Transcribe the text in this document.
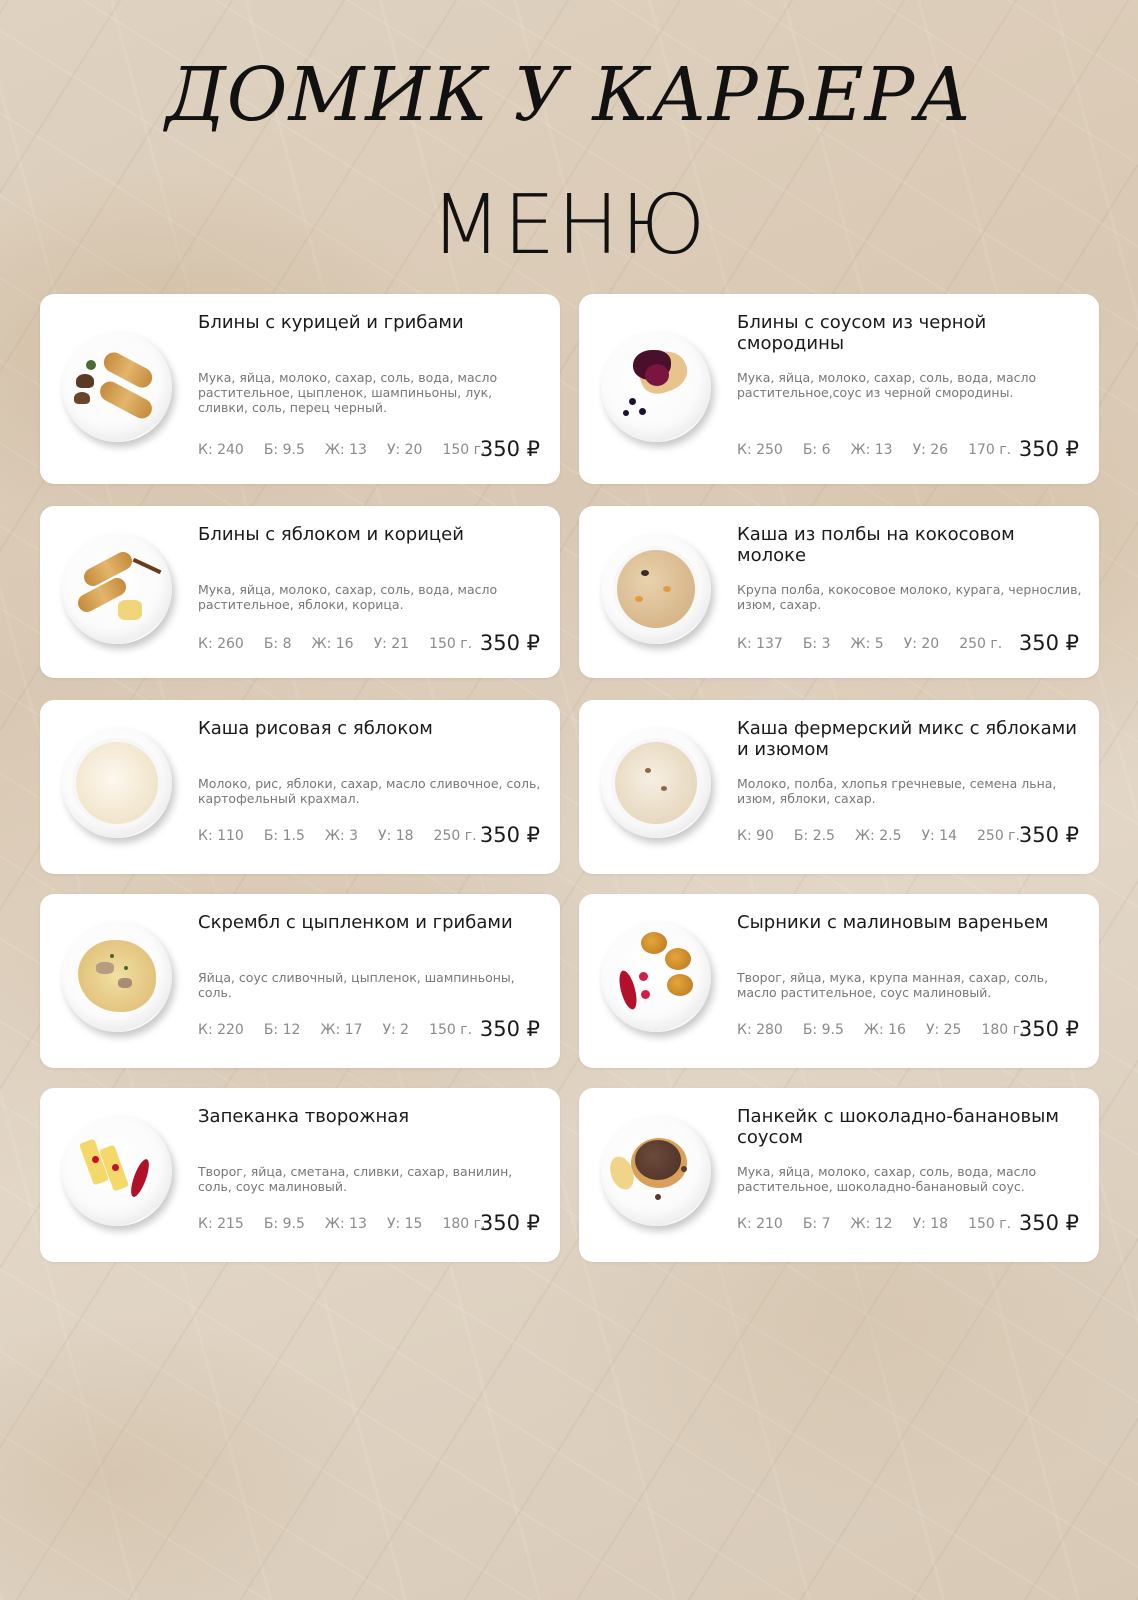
ДОМИК У КАРЬЕРА
МЕНЮ
Блины с курицей и грибами
Мука, яйца, молоко, сахар, соль, вода, масло растительное, цыпленок, шампиньоны, лук, сливки, соль, перец черный.
К: 240 Б: 9.5 Ж: 13 У: 20 150 г.
350 ₽
Блины с соусом из черной смородины
Мука, яйца, молоко, сахар, соль, вода, масло растительное,соус из черной смородины.
К: 250 Б: 6 Ж: 13 У: 26 170 г. 350 ₽
Блины с яблоком и корицей
Мука, яйца, молоко, сахар, соль, вода, масло растительное, яблоки, корица.
К: 260 Б: 8 Ж: 16 У: 21 150 г. 350 ₽
Каша из полбы на кокосовом молоке
Крупа полба, кокосовое молоко, курага, чернослив, изюм, сахар.
К: 137 Б: 3 Ж: 5 У: 20 250 г. 350 ₽
Каша рисовая с яблоком
Молоко, рис, яблоки, сахар, масло сливочное, соль, картофельный крахмал.
К: 110 Б: 1.5 Ж: 3 У: 18 250 г. 350 ₽
Каша фермерский микс с яблоками и изюмом
Молоко, полба, хлопья гречневые, семена льна, изюм, яблоки, сахар.
К: 90 Б: 2.5 Ж: 2.5 У: 14 250 г.
350 ₽
Скрембл с цыпленком и грибами
Яйца, соус сливочный, цыпленок, шампиньоны, соль.
К: 220 Б: 12 Ж: 17 У: 2 150 г. 350 ₽
Сырники с малиновым вареньем
Творог, яйца, мука, крупа манная, сахар, соль, масло растительное, соус малиновый.
К: 280 Б: 9.5 Ж: 16 У: 25 180 г.
350 ₽
Запеканка творожная
Творог, яйца, сметана, сливки, сахар, ванилин, соль, соус малиновый.
К: 215 Б: 9.5 Ж: 13 У: 15 180 г.
350 ₽
Панкейк с шоколадно-банановым соусом
Мука, яйца, молоко, сахар, соль, вода, масло растительное, шоколадно-банановый соус.
К: 210 Б: 7 Ж: 12 У: 18 150 г. 350 ₽
